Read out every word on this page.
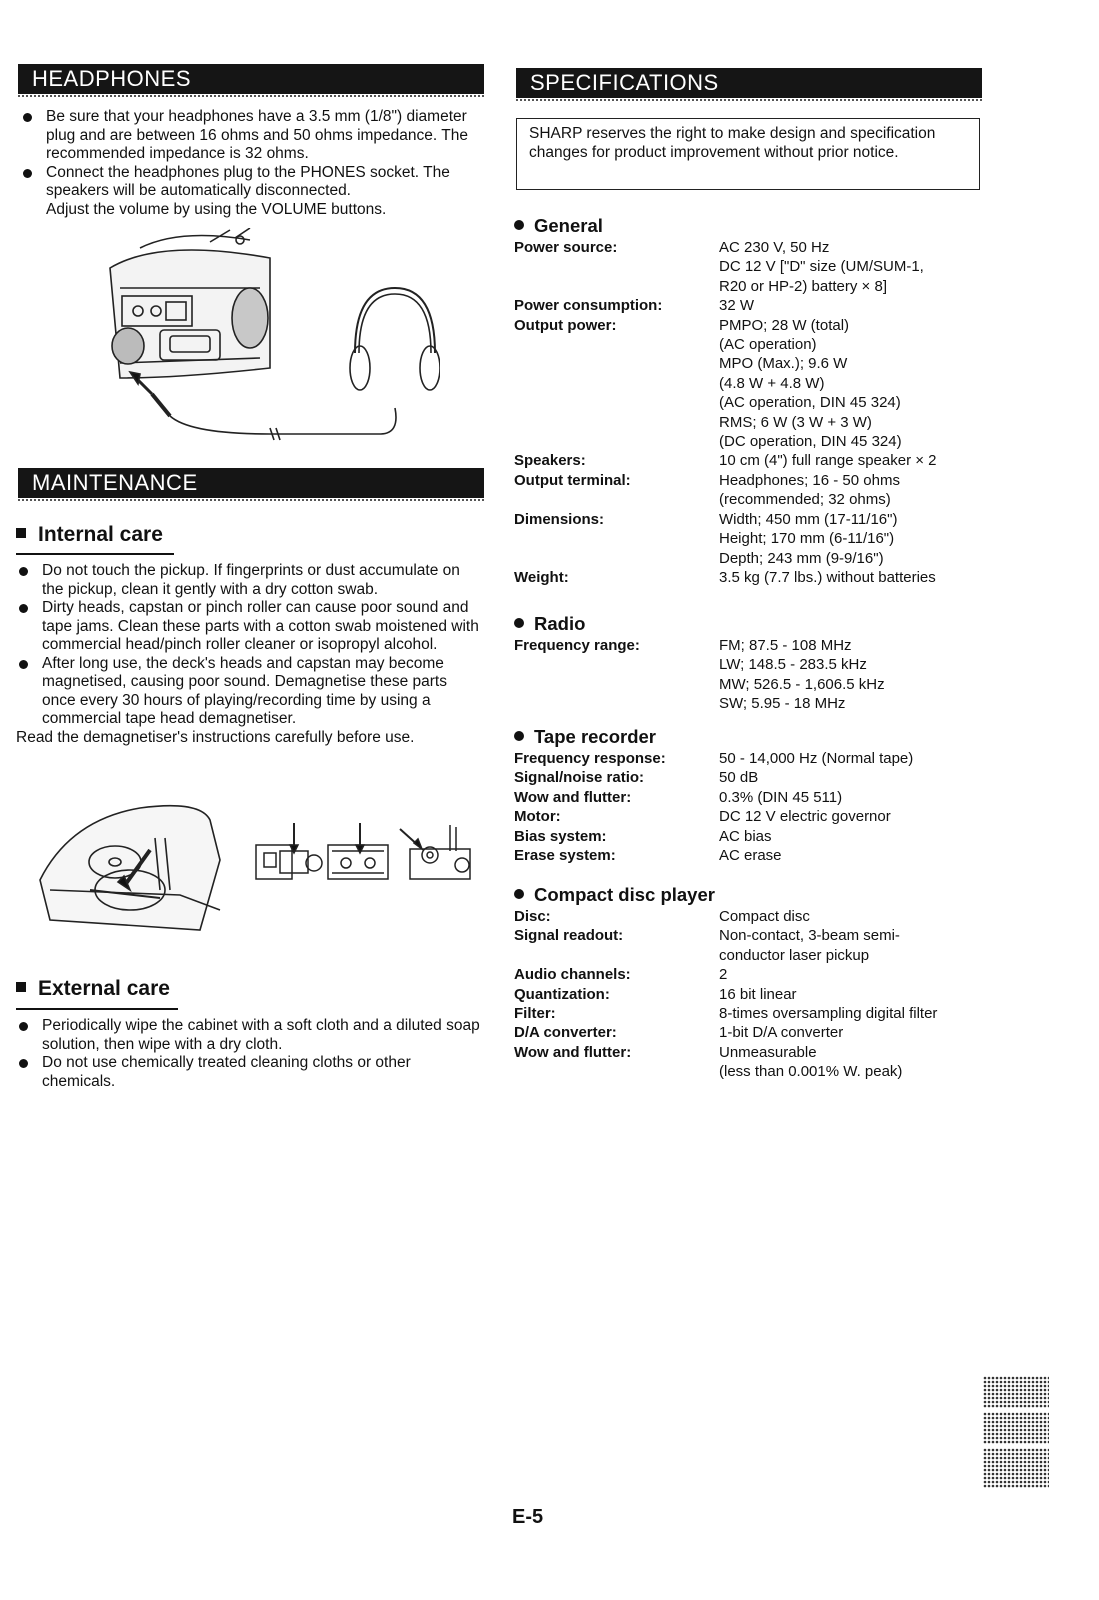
HEADPHONES
Be sure that your headphones have a 3.5 mm (1/8") diameter plug and are between 16 ohms and 50 ohms impedance. The recommended impedance is 32 ohms.
Connect the headphones plug to the PHONES socket. The speakers will be automatically disconnected.
Adjust the volume by using the VOLUME buttons.
MAINTENANCE
Internal care
Do not touch the pickup. If fingerprints or dust accumulate on the pickup, clean it gently with a dry cotton swab.
Dirty heads, capstan or pinch roller can cause poor sound and tape jams. Clean these parts with a cotton swab moistened with commercial head/pinch roller cleaner or isopropyl alcohol.
After long use, the deck's heads and capstan may become magnetised, causing poor sound. Demagnetise these parts once every 30 hours of playing/recording time by using a commercial tape head demagnetiser.
Read the demagnetiser's instructions carefully before use.
External care
Periodically wipe the cabinet with a soft cloth and a diluted soap solution, then wipe with a dry cloth.
Do not use chemically treated cleaning cloths or other chemicals.
SPECIFICATIONS
SHARP reserves the right to make design and specification changes for product improvement without prior notice.
General
Power source:	AC 230 V, 50 Hz
DC 12 V ["D" size (UM/SUM-1,
R20 or HP-2) battery × 8]
Power consumption:	32 W
Output power:	PMPO; 28 W (total)
(AC operation)
MPO (Max.); 9.6 W
(4.8 W + 4.8 W)
(AC operation, DIN 45 324)
RMS; 6 W (3 W + 3 W)
(DC operation, DIN 45 324)
Speakers:	10 cm (4") full range speaker × 2
Output terminal:	Headphones; 16 - 50 ohms
(recommended; 32 ohms)
Dimensions:	Width; 450 mm (17-11/16")
Height; 170 mm (6-11/16")
Depth; 243 mm (9-9/16")
Weight:	3.5 kg (7.7 lbs.) without batteries
Radio
Frequency range:	FM; 87.5 - 108 MHz
LW; 148.5 - 283.5 kHz
MW; 526.5 - 1,606.5 kHz
SW; 5.95 - 18 MHz
Tape recorder
Frequency response:	50 - 14,000 Hz (Normal tape)
Signal/noise ratio:	50 dB
Wow and flutter:	0.3% (DIN 45 511)
Motor:	DC 12 V electric governor
Bias system:	AC bias
Erase system:	AC erase
Compact disc player
Disc:	Compact disc
Signal readout:	Non-contact, 3-beam semi-
conductor laser pickup
Audio channels:	2
Quantization:	16 bit linear
Filter:	8-times oversampling digital filter
D/A converter:	1-bit D/A converter
Wow and flutter:	Unmeasurable
(less than 0.001% W. peak)
E-5
